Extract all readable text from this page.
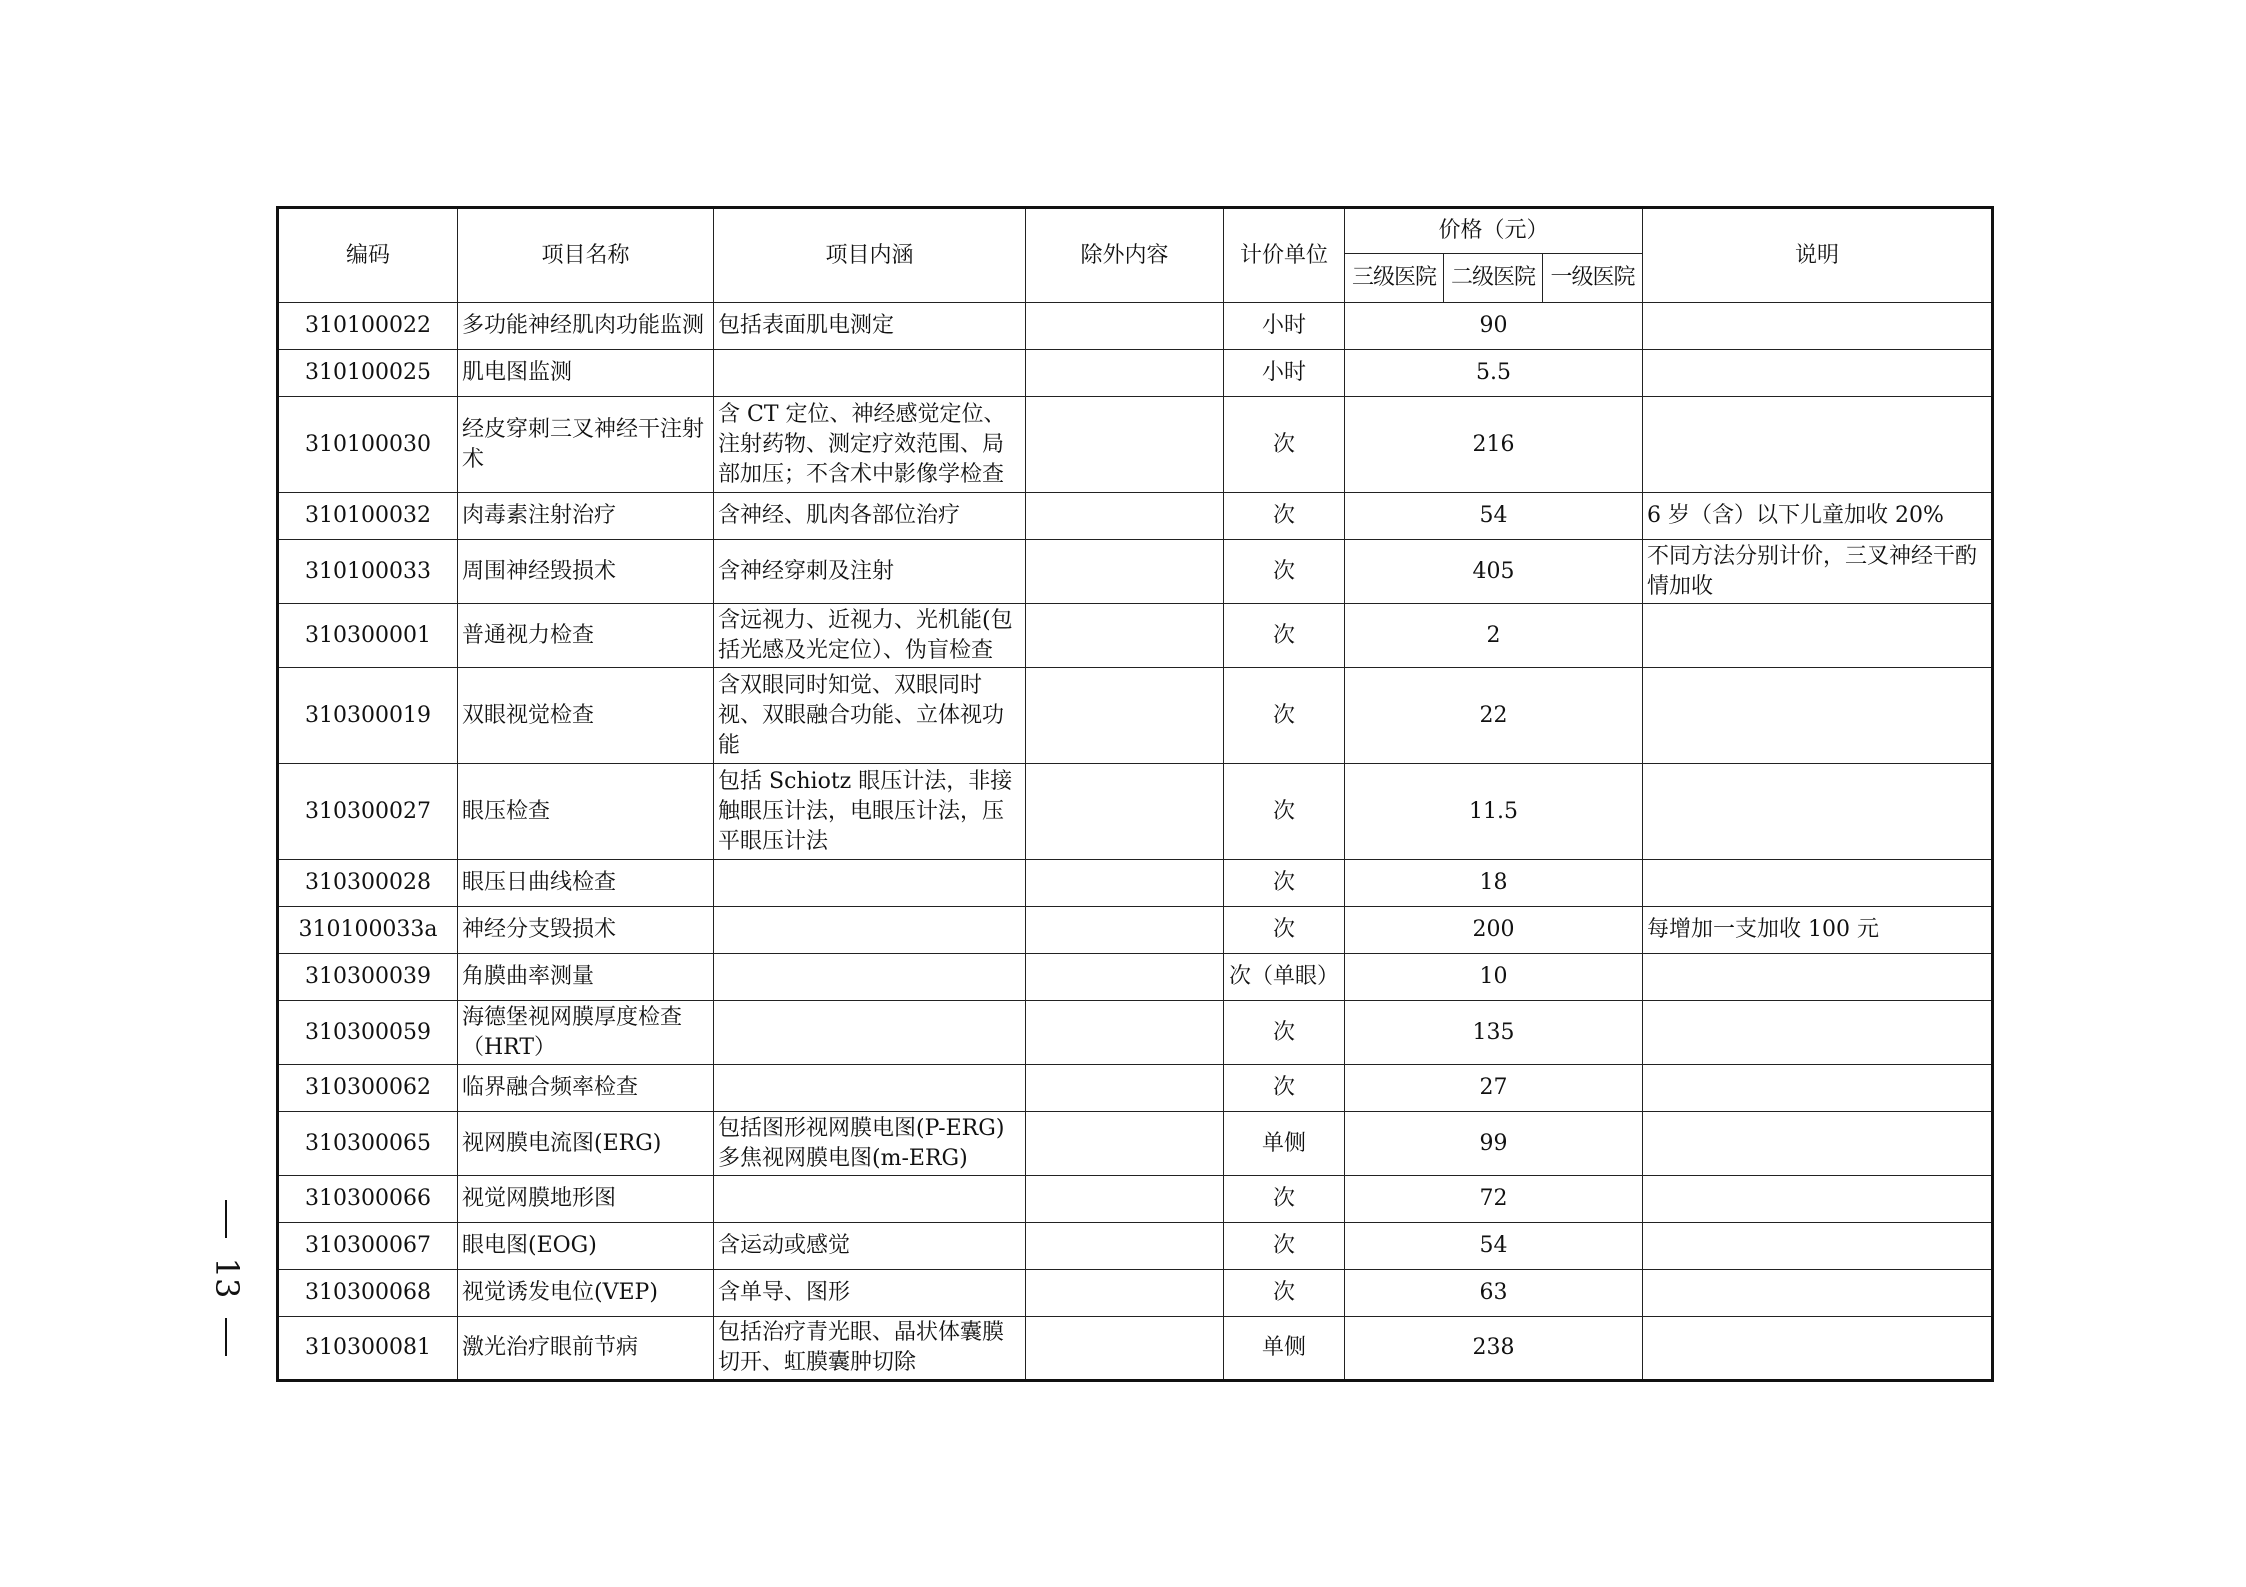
编码	项目名称	项目内涵	除外内容	计价单位	价格（元）			说明
					三级医院	二级医院	一级医院	
310100022	多功能神经肌肉功能监测	包括表面肌电测定		小时	90			
310100025	肌电图监测			小时	5.5			
310100030	经皮穿刺三叉神经干注射术	含 CT 定位、神经感觉定位、注射药物、测定疗效范围、局部加压；不含术中影像学检查		次	216			
310100032	肉毒素注射治疗	含神经、肌肉各部位治疗		次	54			6 岁（含）以下儿童加收 20%
310100033	周围神经毁损术	含神经穿刺及注射		次	405			不同方法分别计价，三叉神经干酌情加收
310300001	普通视力检查	含远视力、近视力、光机能(包括光感及光定位）、伪盲检查		次	2			
310300019	双眼视觉检查	含双眼同时知觉、双眼同时视、双眼融合功能、立体视功能		次	22			
310300027	眼压检查	包括 Schiotz 眼压计法，非接触眼压计法，电眼压计法，压平眼压计法		次	11.5			
310300028	眼压日曲线检查			次	18			
310100033a	神经分支毁损术			次	200			每增加一支加收 100 元
310300039	角膜曲率测量			次（单眼）	10			
310300059	海德堡视网膜厚度检查（HRT）			次	135			
310300062	临界融合频率检查			次	27			
310300065	视网膜电流图(ERG)	包括图形视网膜电图(P-ERG)多焦视网膜电图(m-ERG)		单侧	99			
310300066	视觉网膜地形图			次	72			
310300067	眼电图(EOG)	含运动或感觉		次	54			
310300068	视觉诱发电位(VEP)	含单导、图形		次	63			
310300081	激光治疗眼前节病	包括治疗青光眼、晶状体囊膜切开、虹膜囊肿切除		单侧	238			
13
